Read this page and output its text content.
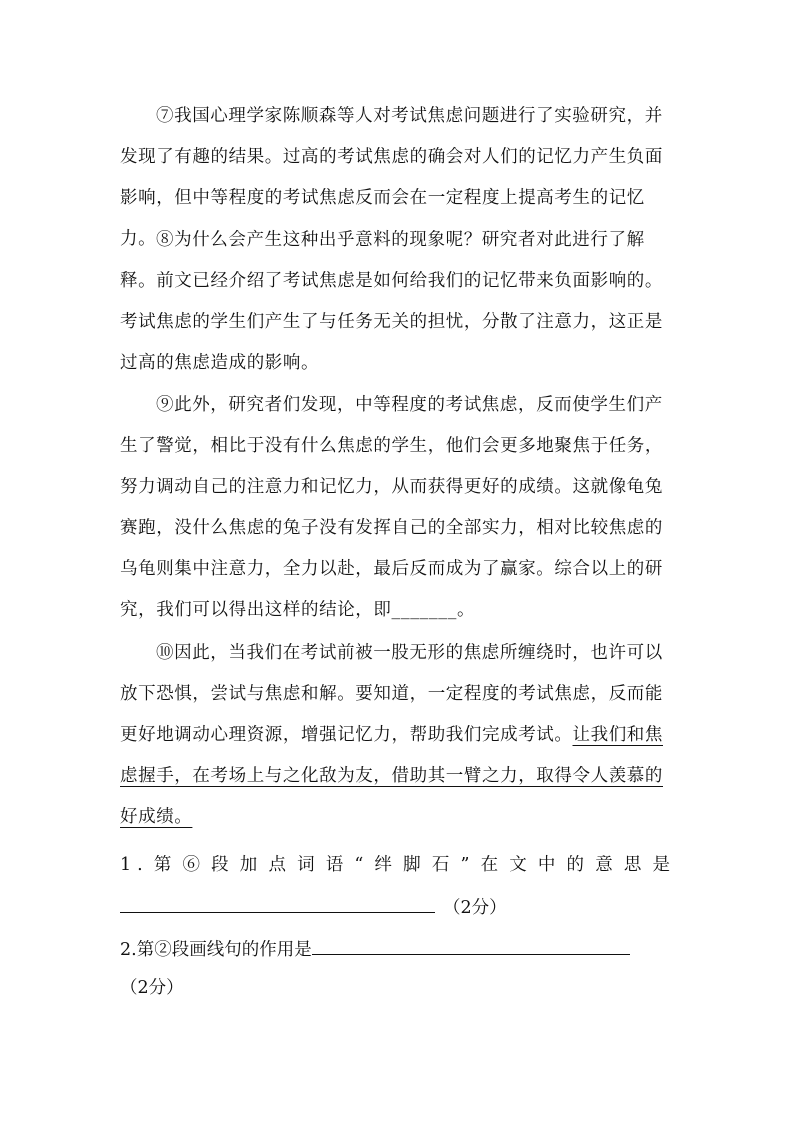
⑦我国心理学家陈顺森等人对考试焦虑问题进行了实验研究，并发现了有趣的结果。过高的考试焦虑的确会对人们的记忆力产生负面影响，但中等程度的考试焦虑反而会在一定程度上提高考生的记忆力。 ⑧为什么会产生这种出乎意料的现象呢？研究者对此进行了解释。前文已经介绍了考试焦虑是如何给我们的记忆带来负面影响的。考试焦虑的学生们产生了与任务无关的担忧，分散了注意力，这正是过高的焦虑造成的影响。

⑨此外，研究者们发现，中等程度的考试焦虑，反而使学生们产生了警觉，相比于没有什么焦虑的学生，他们会更多地聚焦于任务，努力调动自己的注意力和记忆力，从而获得更好的成绩。这就像龟兔赛跑，没什么焦虑的兔子没有发挥自己的全部实力，相对比较焦虑的乌龟则集中注意力，全力以赴，最后反而成为了赢家。综合以上的研究，我们可以得出这样的结论，即_______。

⑩因此，当我们在考试前被一股无形的焦虑所缠绕时，也许可以放下恐惧，尝试与焦虑和解。要知道，一定程度的考试焦虑，反而能更好地调动心理资源，增强记忆力，帮助我们完成考试。让我们和焦虑握手，在考场上与之化敌为友，借助其一臂之力，取得令人羡慕的好成绩。

1.第⑥段加点词语“绊脚石”在文中的意思是

（2分）

2.第②段画线句的作用是

（2分）
